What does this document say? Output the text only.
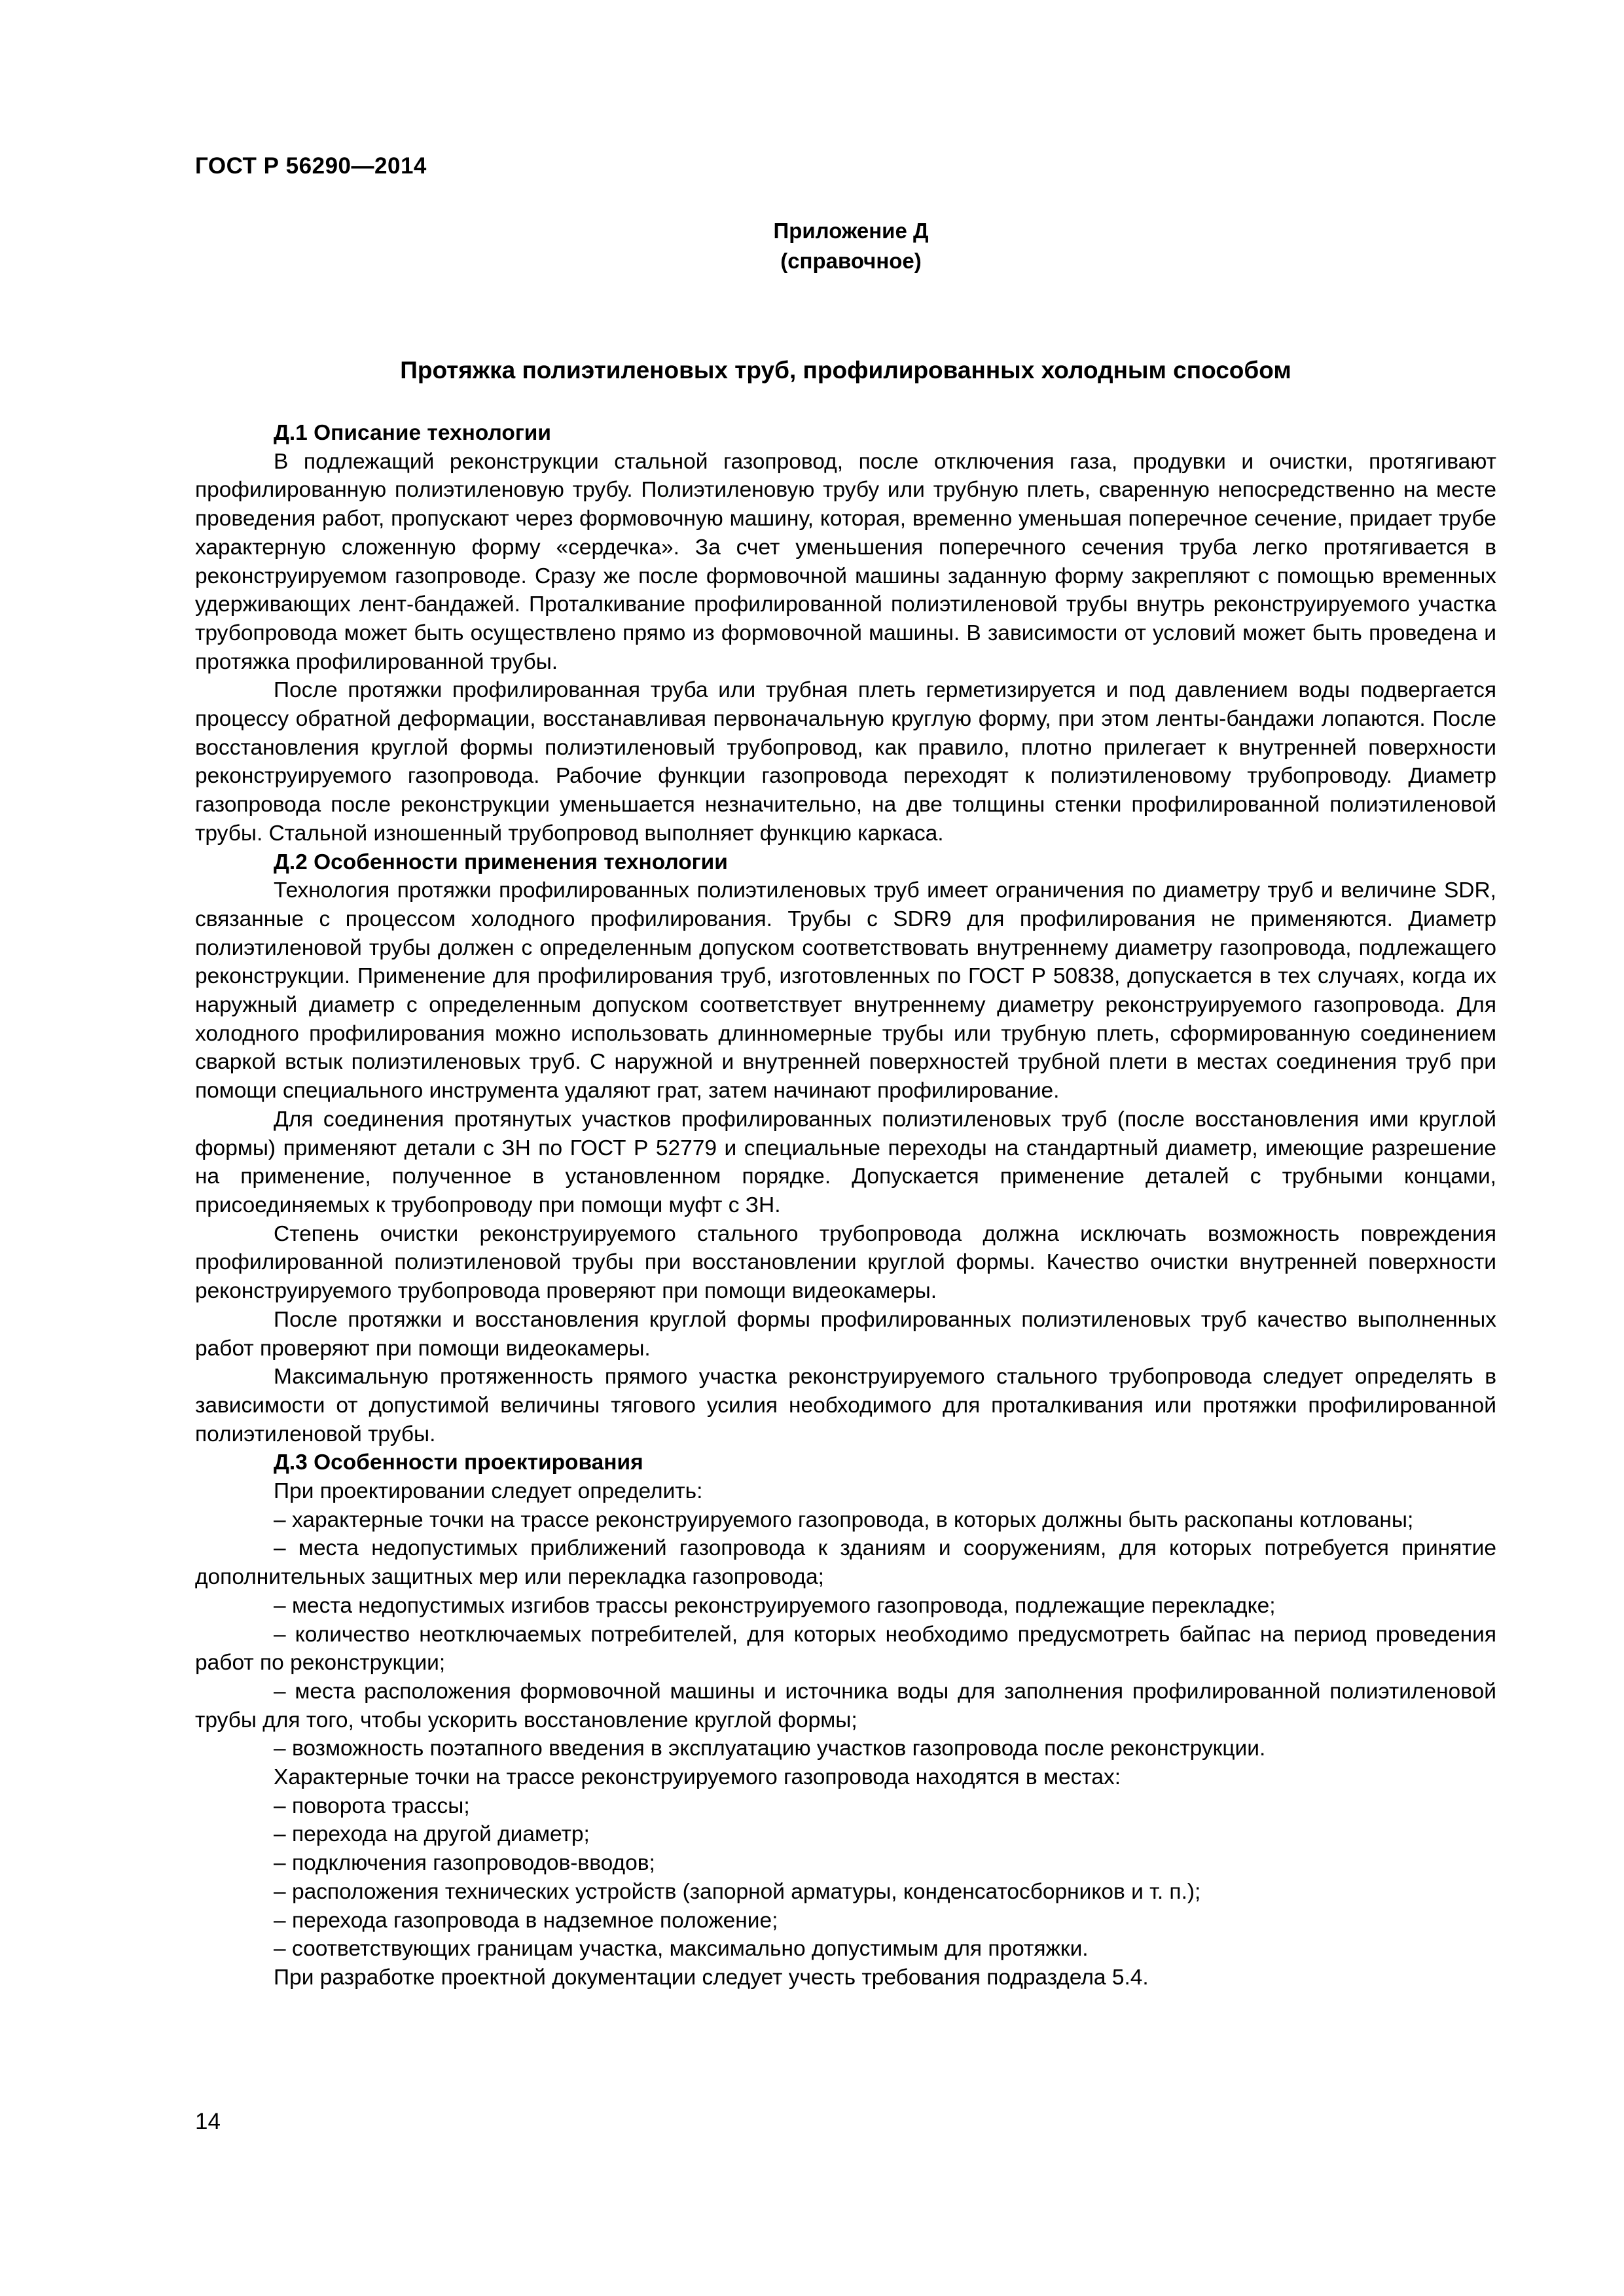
ГОСТ Р 56290—2014
Приложение Д
(справочное)
Протяжка полиэтиленовых труб, профилированных холодным способом

Д.1 Описание технологии

В подлежащий реконструкции стальной газопровод, после отключения газа, продувки и очистки, протягивают профилированную полиэтиленовую трубу. Полиэтиленовую трубу или трубную плеть, сваренную непосредственно на месте проведения работ, пропускают через формовочную машину, которая, временно уменьшая поперечное сечение, придает трубе характерную сложенную форму «сердечка». За счет уменьшения поперечного сечения труба легко протягивается в реконструируемом газопроводе. Сразу же после формовочной машины заданную форму закрепляют с помощью временных удерживающих лент-бандажей. Проталкивание профилированной полиэтиленовой трубы внутрь реконструируемого участка трубопровода может быть осуществлено прямо из формовочной машины. В зависимости от условий может быть проведена и протяжка профилированной трубы.

После протяжки профилированная труба или трубная плеть герметизируется и под давлением воды подвергается процессу обратной деформации, восстанавливая первоначальную круглую форму, при этом ленты-бандажи лопаются. После восстановления круглой формы полиэтиленовый трубопровод, как правило, плотно прилегает к внутренней поверхности реконструируемого газопровода. Рабочие функции газопровода переходят к полиэтиленовому трубопроводу. Диаметр газопровода после реконструкции уменьшается незначительно, на две толщины стенки профилированной полиэтиленовой трубы. Стальной изношенный трубопровод выполняет функцию каркаса.

Д.2 Особенности применения технологии

Технология протяжки профилированных полиэтиленовых труб имеет ограничения по диаметру труб и величине SDR, связанные с процессом холодного профилирования. Трубы с SDR9 для профилирования не применяются. Диаметр полиэтиленовой трубы должен с определенным допуском соответствовать внутреннему диаметру газопровода, подлежащего реконструкции. Применение для профилирования труб, изготовленных по ГОСТ Р 50838, допускается в тех случаях, когда их наружный диаметр с определенным допуском соответствует внутреннему диаметру реконструируемого газопровода. Для холодного профилирования можно использовать длинномерные трубы или трубную плеть, сформированную соединением сваркой встык полиэтиленовых труб. С наружной и внутренней поверхностей трубной плети в местах соединения труб при помощи специального инструмента удаляют грат, затем начинают профилирование.

Для соединения протянутых участков профилированных полиэтиленовых труб (после восстановления ими круглой формы) применяют детали с ЗН по ГОСТ Р 52779 и специальные переходы на стандартный диаметр, имеющие разрешение на применение, полученное в установленном порядке. Допускается применение деталей с трубными концами, присоединяемых к трубопроводу при помощи муфт с ЗН.

Степень очистки реконструируемого стального трубопровода должна исключать возможность повреждения профилированной полиэтиленовой трубы при восстановлении круглой формы. Качество очистки внутренней поверхности реконструируемого трубопровода проверяют при помощи видеокамеры.

После протяжки и восстановления круглой формы профилированных полиэтиленовых труб качество выполненных работ проверяют при помощи видеокамеры.

Максимальную протяженность прямого участка реконструируемого стального трубопровода следует определять в зависимости от допустимой величины тягового усилия необходимого для проталкивания или протяжки профилированной полиэтиленовой трубы.

Д.3 Особенности проектирования

При проектировании следует определить:

– характерные точки на трассе реконструируемого газопровода, в которых должны быть раскопаны котлованы;

– места недопустимых приближений газопровода к зданиям и сооружениям, для которых потребуется принятие дополнительных защитных мер или перекладка газопровода;

– места недопустимых изгибов трассы реконструируемого газопровода, подлежащие перекладке;

– количество неотключаемых потребителей, для которых необходимо предусмотреть байпас на период проведения работ по реконструкции;

– места расположения формовочной машины и источника воды для заполнения профилированной полиэтиленовой трубы для того, чтобы ускорить восстановление круглой формы;

– возможность поэтапного введения в эксплуатацию участков газопровода после реконструкции.

Характерные точки на трассе реконструируемого газопровода находятся в местах:

– поворота трассы;

– перехода на другой диаметр;

– подключения газопроводов-вводов;

– расположения технических устройств (запорной арматуры, конденсатосборников и т. п.);

– перехода газопровода в надземное положение;

– соответствующих границам участка, максимально допустимым для протяжки.

При разработке проектной документации следует учесть требования подраздела 5.4.

14
